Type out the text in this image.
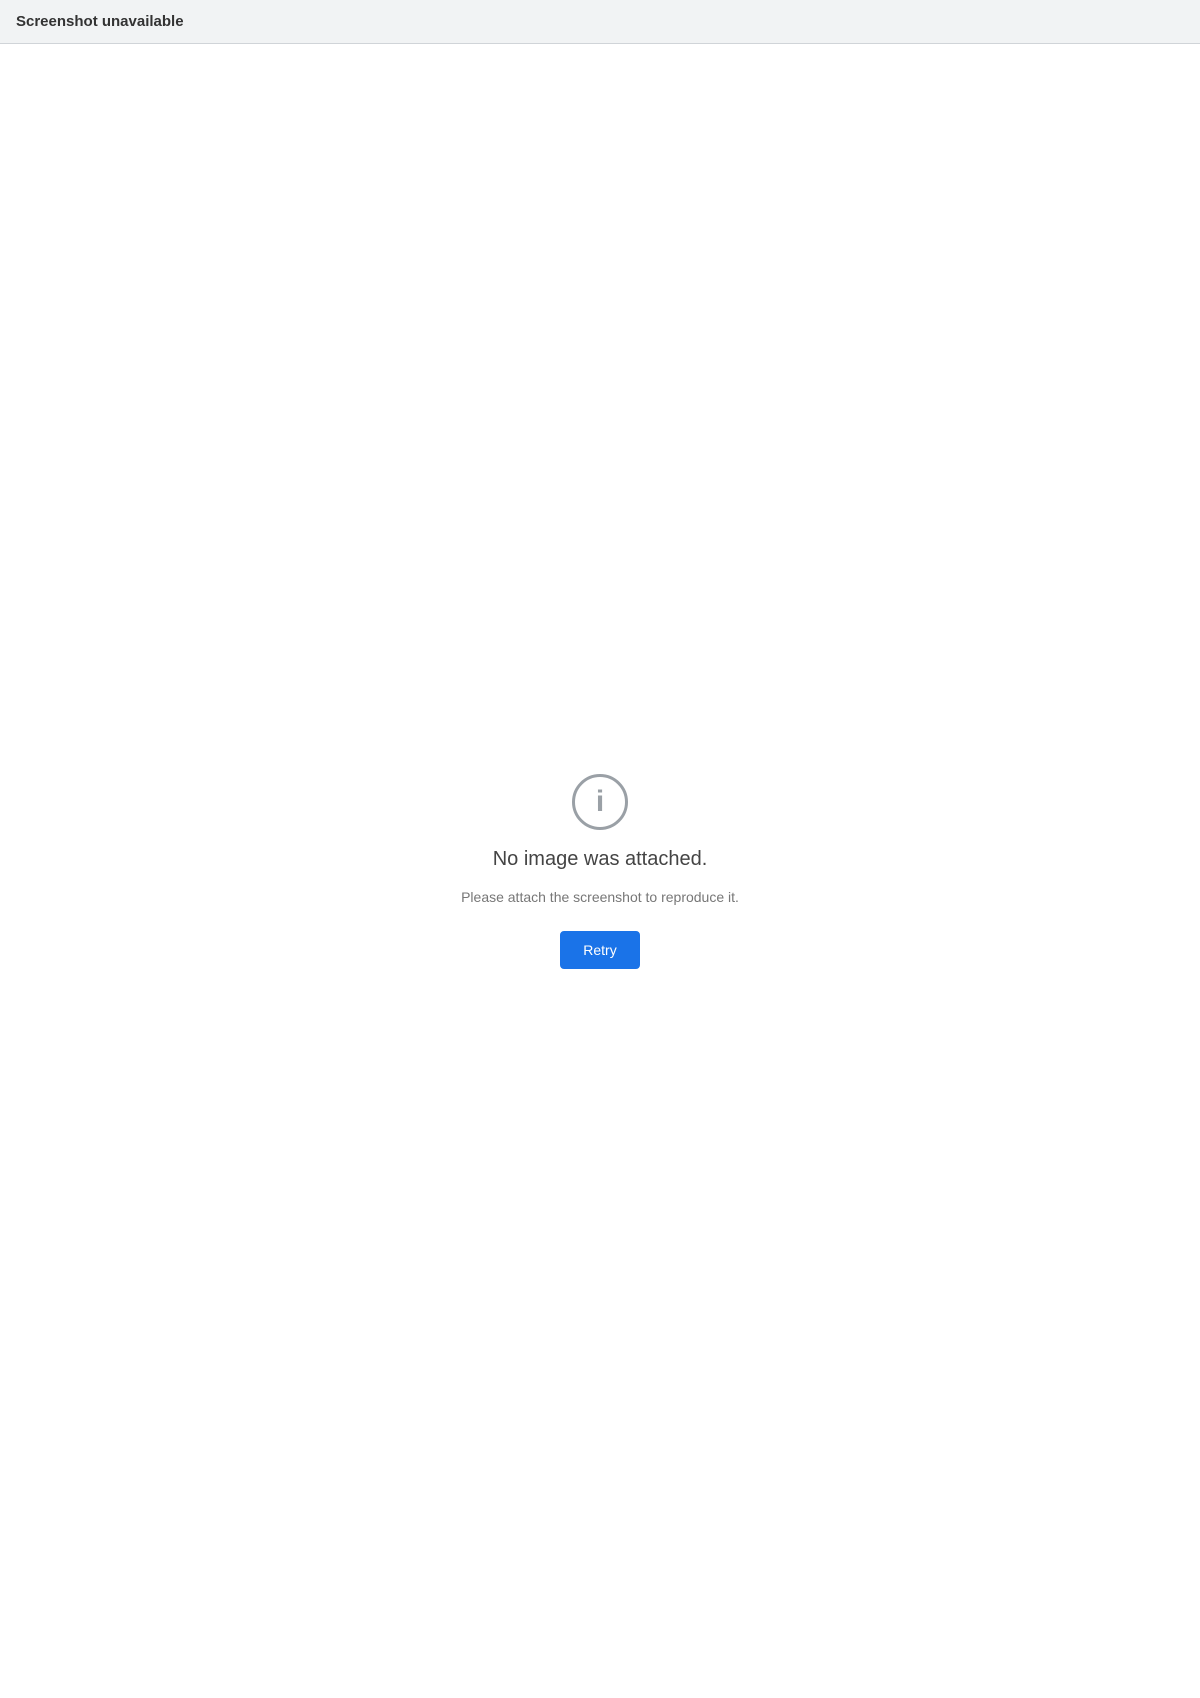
Screenshot unavailable
i
No image was attached.
Please attach the screenshot to reproduce it.
Retry
